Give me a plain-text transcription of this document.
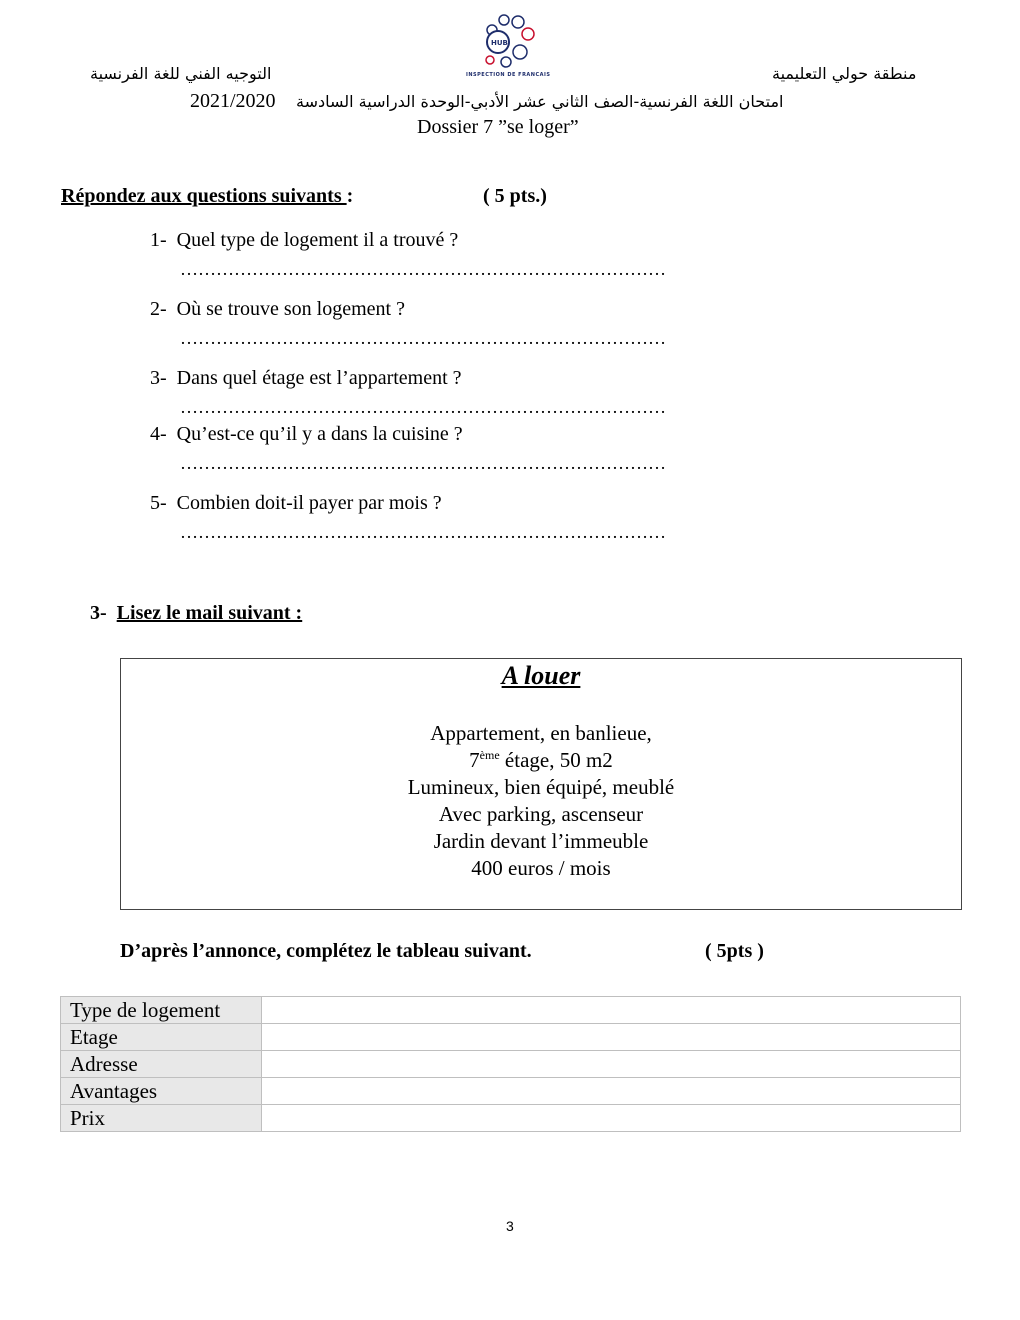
منطقة حولي التعليمية
التوجيه الفني للغة الفرنسية
HUB
INSPECTION DE FRANCAIS
2021/2020 امتحان اللغة الفرنسية-الصف الثاني عشر الأدبي-الوحدة الدراسية السادسة
Dossier 7 ”se loger”
Répondez aux questions suivants :	( 5 pts.)
1- Quel type de logement il a trouvé ?
………………………………………………………………………
2- Où se trouve son logement ?
………………………………………………………………………
3- Dans quel étage est l’appartement ?
………………………………………………………………………
4- Qu’est-ce qu’il y a dans la cuisine ?
………………………………………………………………………
5- Combien doit-il payer par mois ?
………………………………………………………………………
3- Lisez le mail suivant :
A louer
Appartement, en banlieue,
7ème étage, 50 m2
Lumineux, bien équipé, meublé
Avec parking, ascenseur
Jardin devant l’immeuble
400 euros / mois
D’après l’annonce, complétez le tableau suivant.	( 5pts )
Type de logement	
Etage	
Adresse	
Avantages	
Prix	
3
